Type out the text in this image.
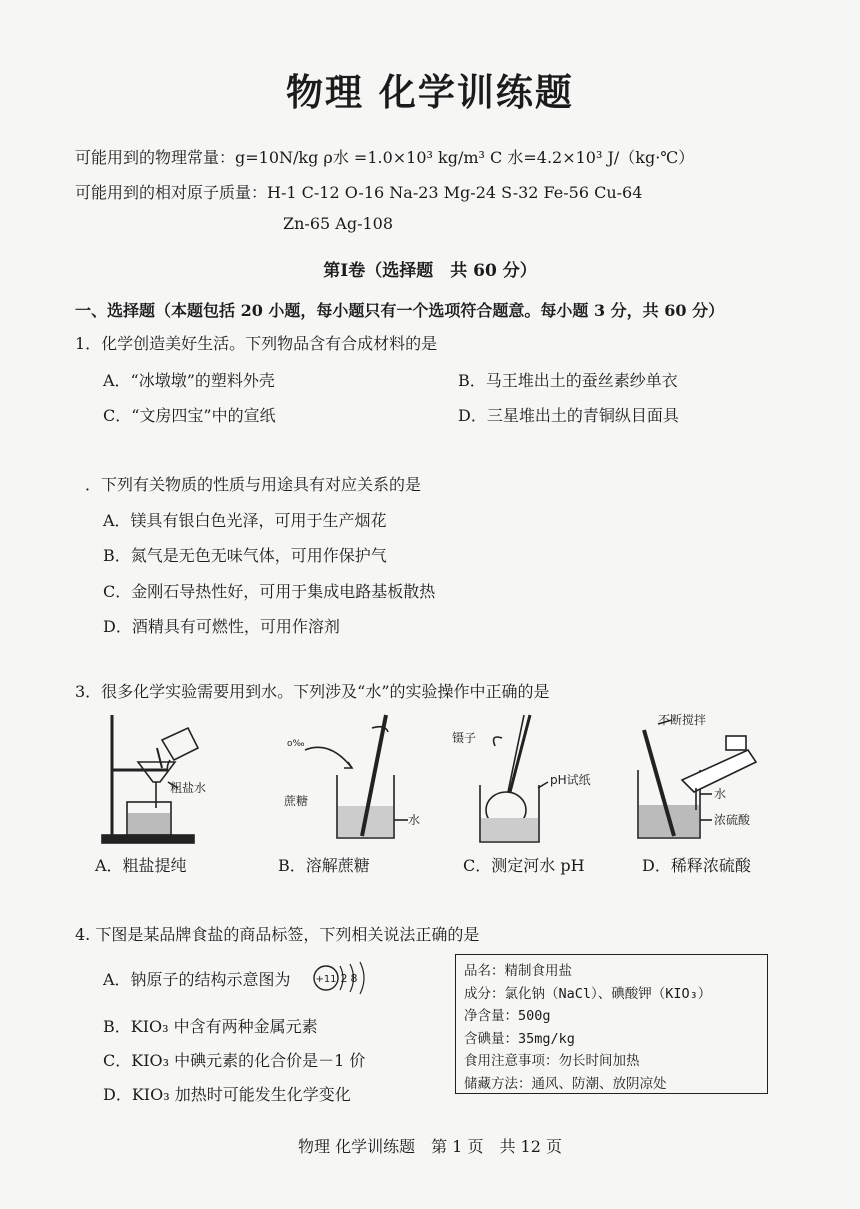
物理 化学训练题
可能用到的物理常量：g=10N/kg ρ水 =1.0×10³ kg/m³ C 水=4.2×10³ J/（kg·℃）
可能用到的相对原子质量：H-1 C-12 O-16 Na-23 Mg-24 S-32 Fe-56 Cu-64
Zn-65 Ag-108
第Ⅰ卷（选择题　共 60 分）
一、选择题（本题包括 20 小题，每小题只有一个选项符合题意。每小题 3 分，共 60 分）
1．化学创造美好生活。下列物品含有合成材料的是
A．“冰墩墩”的塑料外壳	B．马王堆出土的蚕丝素纱单衣
C．“文房四宝”中的宣纸	D．三星堆出土的青铜纵目面具
．下列有关物质的性质与用途具有对应关系的是
A．镁具有银白色光泽，可用于生产烟花
B．氮气是无色无味气体，可用作保护气
C．金刚石导热性好，可用于集成电路基板散热
D．酒精具有可燃性，可用作溶剂
3．很多化学实验需要用到水。下列涉及“水”的实验操作中正确的是
o‰
粗盐水
蔗糖
水
镊子
pH试纸
不断搅拌
水
浓硫酸
A．粗盐提纯	B．溶解蔗糖	C．测定河水 pH	D．稀释浓硫酸
4. 下图是某品牌食盐的商品标签，下列相关说法正确的是
A．钠原子的结构示意图为 +11 2 8
B．KIO₃ 中含有两种金属元素
C．KIO₃ 中碘元素的化合价是－1 价
D．KIO₃ 加热时可能发生化学变化
品名：精制食用盐
成分：氯化钠（NaCl）、碘酸钾（KIO₃）
净含量：500g
含碘量：35mg/kg
食用注意事项：勿长时间加热
储藏方法：通风、防潮、放阴凉处
物理 化学训练题　第 1 页　共 12 页
